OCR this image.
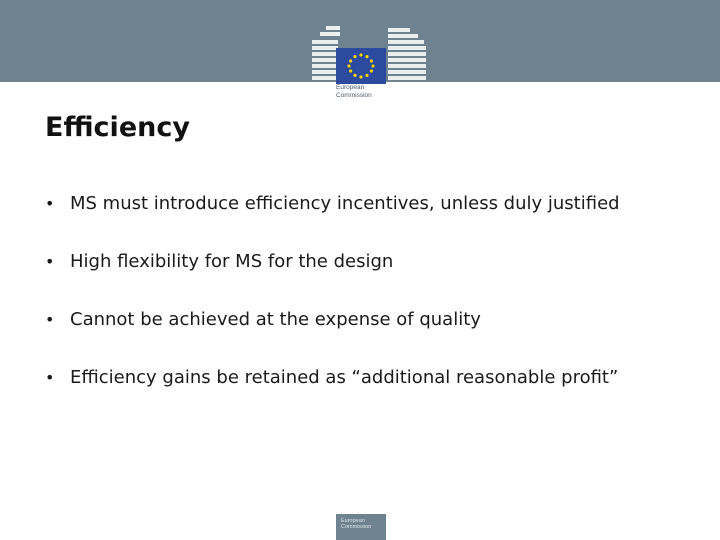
European
Commission
Efficiency
• MS must introduce efficiency incentives, unless duly justified
• High flexibility for MS for the design
• Cannot be achieved at the expense of quality
• Efficiency gains be retained as “additional reasonable profit”
European Commission
